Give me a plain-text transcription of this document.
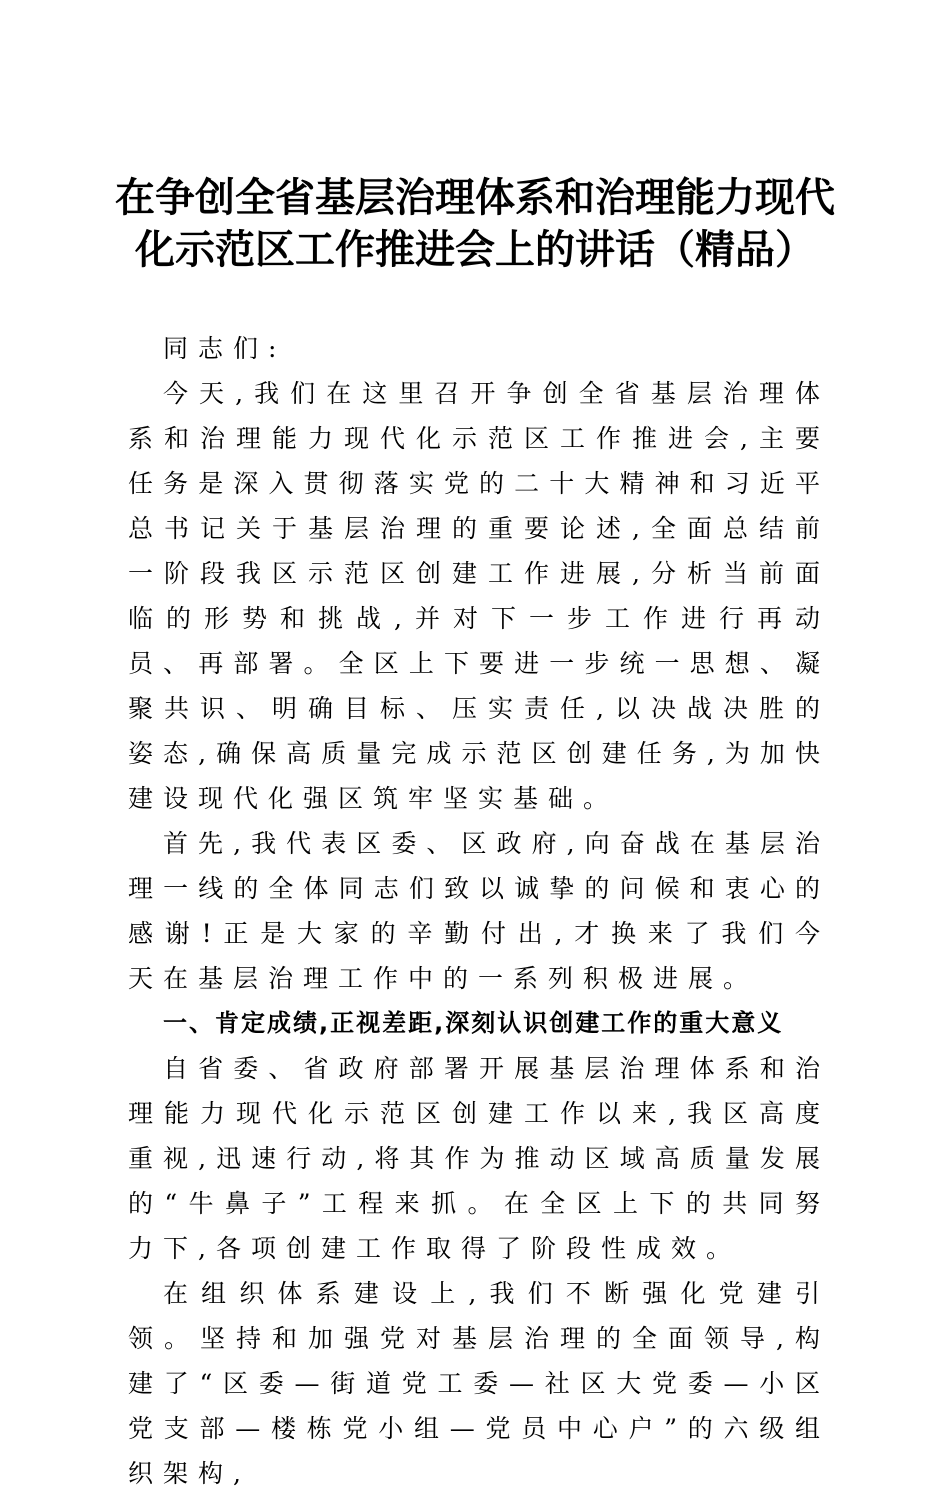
在争创全省基层治理体系和治理能力现代化示范区工作推进会上的讲话（精品）

同志们:

今天,我们在这里召开争创全省基层治理体系和治理能力现代化示范区工作推进会,主要任务是深入贯彻落实党的二十大精神和习近平总书记关于基层治理的重要论述,全面总结前一阶段我区示范区创建工作进展,分析当前面临的形势和挑战,并对下一步工作进行再动员、再部署。全区上下要进一步统一思想、凝聚共识、明确目标、压实责任,以决战决胜的姿态,确保高质量完成示范区创建任务,为加快建设现代化强区筑牢坚实基础。

首先,我代表区委、区政府,向奋战在基层治理一线的全体同志们致以诚挚的问候和衷心的感谢!正是大家的辛勤付出,才换来了我们今天在基层治理工作中的一系列积极进展。

一、肯定成绩,正视差距,深刻认识创建工作的重大意义

自省委、省政府部署开展基层治理体系和治理能力现代化示范区创建工作以来,我区高度重视,迅速行动,将其作为推动区域高质量发展的“牛鼻子”工程来抓。在全区上下的共同努力下,各项创建工作取得了阶段性成效。

在组织体系建设上,我们不断强化党建引领。坚持和加强党对基层治理的全面领导,构建了“区委—街道党工委—社区大党委—小区党支部—楼栋党小组—党员中心户”的六级组织架构,
